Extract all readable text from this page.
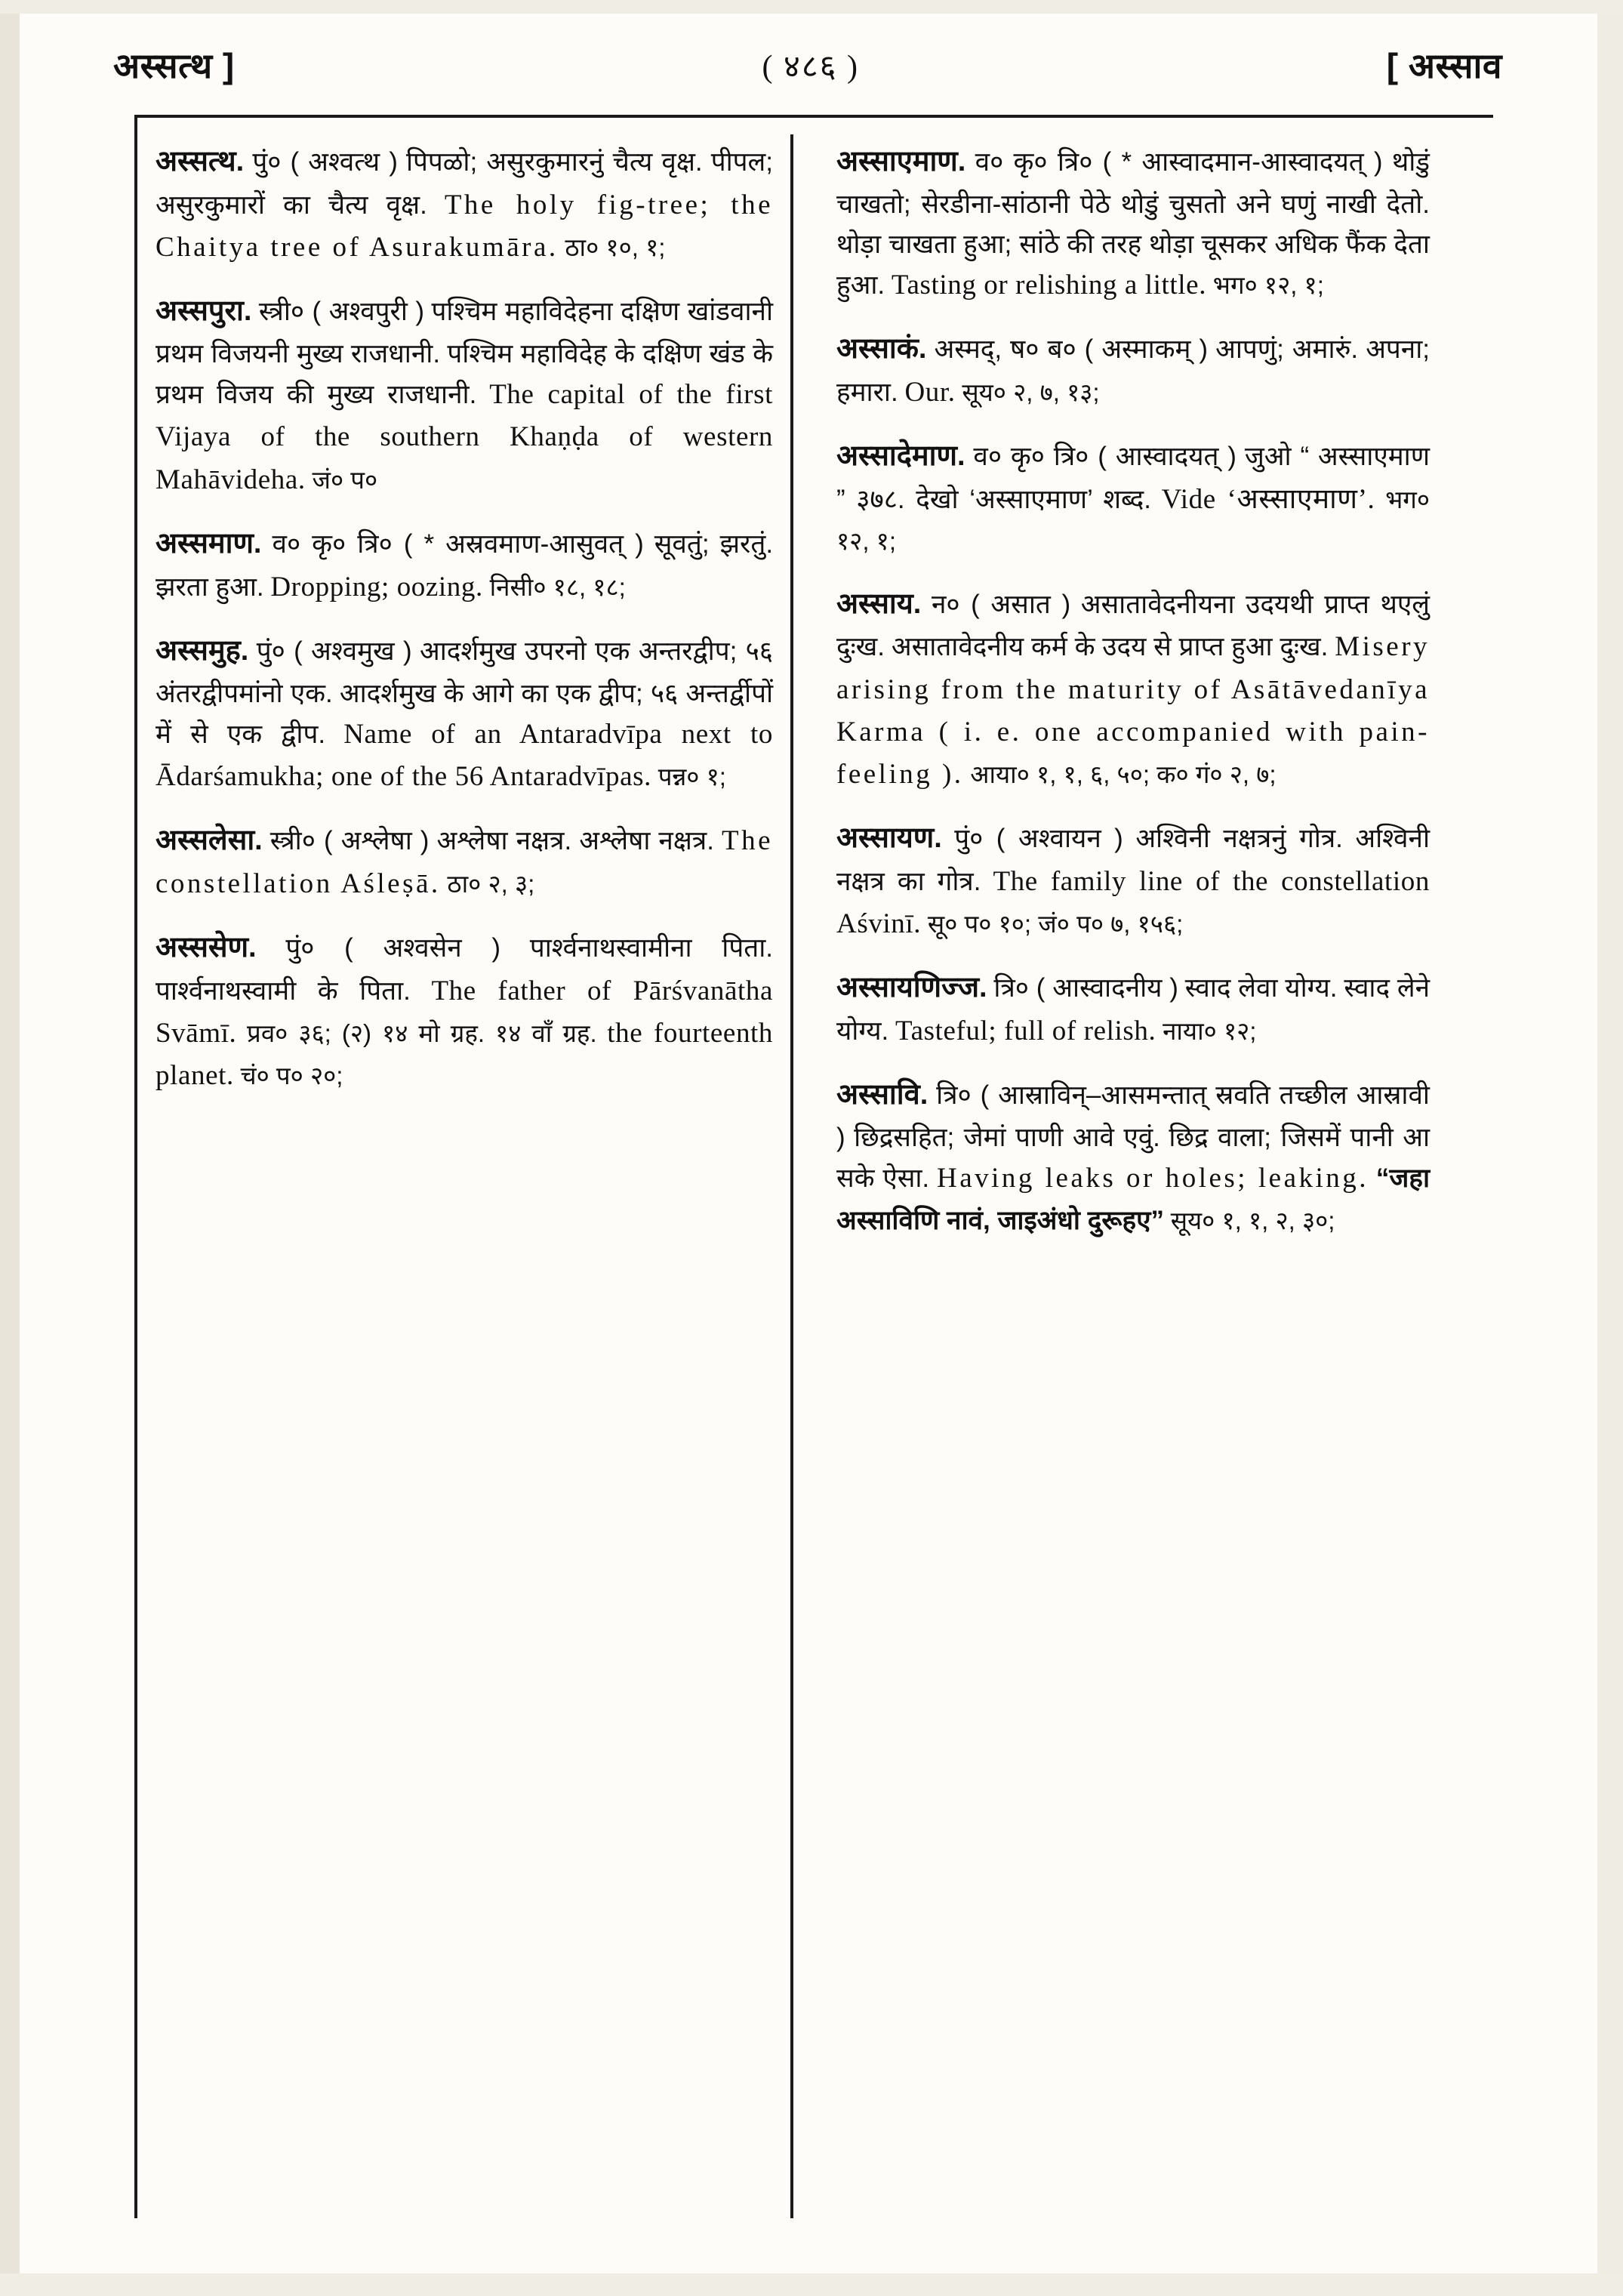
अस्सत्थ ]	( ४८६ )	[ अस्साव
अस्सत्थ. पुं० ( अश्वत्थ ) पिपळो; असुरकुमारनुं चैत्य वृक्ष. पीपल; असुरकुमारों का चैत्य वृक्ष. The holy fig-tree; the Chaitya tree of Asurakumāra. ठा० १०, १;
अस्सपुरा. स्त्री० ( अश्वपुरी ) पश्चिम महाविदेहना दक्षिण खांडवानी प्रथम विजयनी मुख्य राजधानी. पश्चिम महाविदेह के दक्षिण खंड के प्रथम विजय की मुख्य राजधानी. The capital of the first Vijaya of the southern Khaṇḍa of western Mahāvideha. जं० प०
अस्समाण. व० कृ० त्रि० ( * अस्रवमाण-आसुवत् ) सूवतुं; झरतुं. झरता हुआ. Dropping; oozing. निसी० १८, १८;
अस्समुह. पुं० ( अश्वमुख ) आदर्शमुख उपरनो एक अन्तरद्वीप; ५६ अंतरद्वीपमांनो एक. आदर्शमुख के आगे का एक द्वीप; ५६ अन्तर्द्वीपों में से एक द्वीप. Name of an Antaradvīpa next to Ādarśamukha; one of the 56 Antaradvīpas. पन्न० १;
अस्सलेसा. स्त्री० ( अश्लेषा ) अश्लेषा नक्षत्र. अश्लेषा नक्षत्र. The constellation Aśleṣā. ठा० २, ३;
अस्ससेण. पुं० ( अश्वसेन ) पार्श्वनाथस्वामीना पिता. पार्श्वनाथस्वामी के पिता. The father of Pārśvanātha Svāmī. प्रव० ३६; (२) १४ मो ग्रह. १४ वाँ ग्रह. the fourteenth planet. चं० प० २०;
अस्साएमाण. व० कृ० त्रि० ( * आस्वादमान-आस्वादयत् ) थोडुं चाखतो; सेरडीना-सांठानी पेठे थोडुं चुसतो अने घणुं नाखी देतो. थोड़ा चाखता हुआ; सांठे की तरह थोड़ा चूसकर अधिक फैंक देता हुआ. Tasting or relishing a little. भग० १२, १;
अस्साकं. अस्मद्, ष० ब० ( अस्माकम् ) आपणुं; अमारुं. अपना; हमारा. Our. सूय० २, ७, १३;
अस्सादेमाण. व० कृ० त्रि० ( आस्वादयत् ) जुओ “ अस्साएमाण ” ३७८. देखो ‘अस्साएमाण’ शब्द. Vide ‘अस्साएमाण’. भग० १२, १;
अस्साय. न० ( असात ) असातावेदनीयना उदयथी प्राप्त थएलुं दुःख. असातावेदनीय कर्म के उदय से प्राप्त हुआ दुःख. Misery arising from the maturity of Asātāvedanīya Karma ( i. e. one accompanied with pain-feeling ). आया० १, १, ६, ५०; क० गं० २, ७;
अस्सायण. पुं० ( अश्वायन ) अश्विनी नक्षत्रनुं गोत्र. अश्विनी नक्षत्र का गोत्र. The family line of the constellation Aśvinī. सू० प० १०; जं० प० ७, १५६;
अस्सायणिज्ज. त्रि० ( आस्वादनीय ) स्वाद लेवा योग्य. स्वाद लेने योग्य. Tasteful; full of relish. नाया० १२;
अस्सावि. त्रि० ( आस्राविन्–आसमन्तात् स्रवति तच्छील आस्रावी ) छिद्रसहित; जेमां पाणी आवे एवुं. छिद्र वाला; जिसमें पानी आ सके ऐसा. Having leaks or holes; leaking. “जहा अस्साविणि नावं, जाइअंधो दुरूहए” सूय० १, १, २, ३०;
